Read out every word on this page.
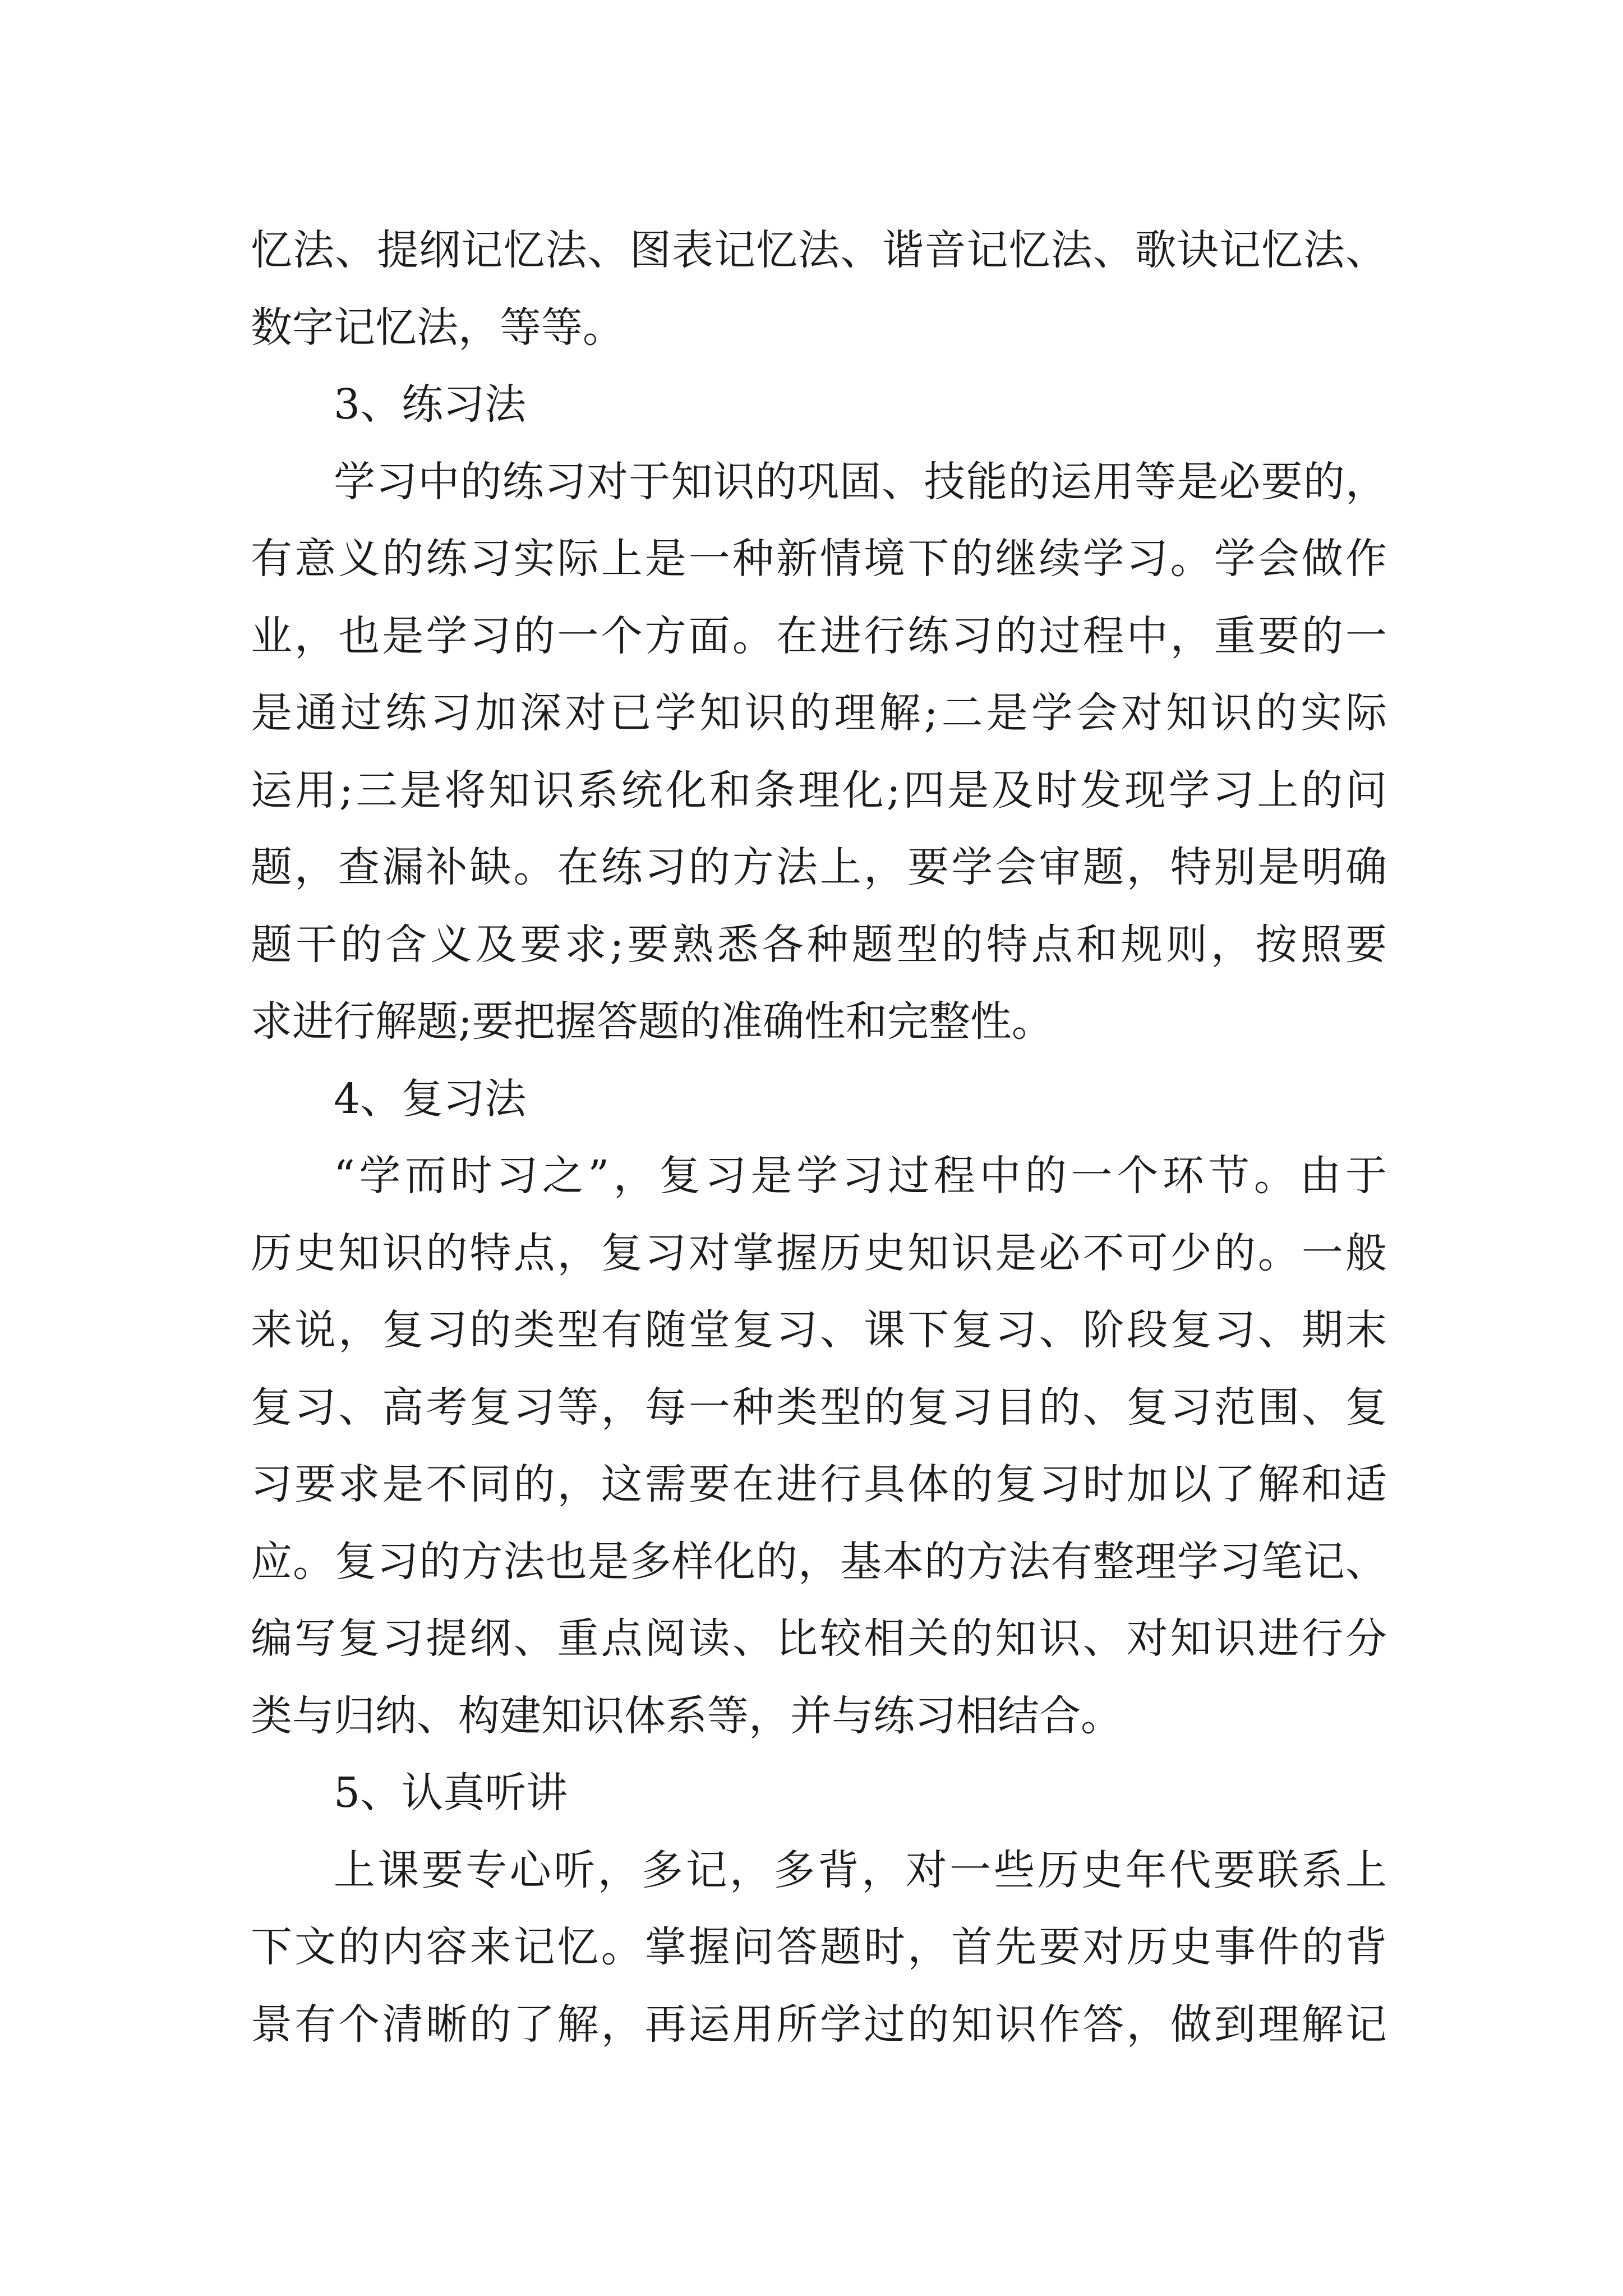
忆法、提纲记忆法、图表记忆法、谐音记忆法、歌诀记忆法、
数字记忆法，等等。
3、练习法
学习中的练习对于知识的巩固、技能的运用等是必要的，
有意义的练习实际上是一种新情境下的继续学习。学会做作
业，也是学习的一个方面。在进行练习的过程中，重要的一
是通过练习加深对已学知识的理解;二是学会对知识的实际
运用;三是将知识系统化和条理化;四是及时发现学习上的问
题，查漏补缺。在练习的方法上，要学会审题，特别是明确
题干的含义及要求;要熟悉各种题型的特点和规则，按照要
求进行解题;要把握答题的准确性和完整性。
4、复习法
“学而时习之”，复习是学习过程中的一个环节。由于
历史知识的特点，复习对掌握历史知识是必不可少的。一般
来说，复习的类型有随堂复习、课下复习、阶段复习、期末
复习、高考复习等，每一种类型的复习目的、复习范围、复
习要求是不同的，这需要在进行具体的复习时加以了解和适
应。复习的方法也是多样化的，基本的方法有整理学习笔记、
编写复习提纲、重点阅读、比较相关的知识、对知识进行分
类与归纳、构建知识体系等，并与练习相结合。
5、认真听讲
上课要专心听，多记，多背，对一些历史年代要联系上
下文的内容来记忆。掌握问答题时，首先要对历史事件的背
景有个清晰的了解，再运用所学过的知识作答，做到理解记
